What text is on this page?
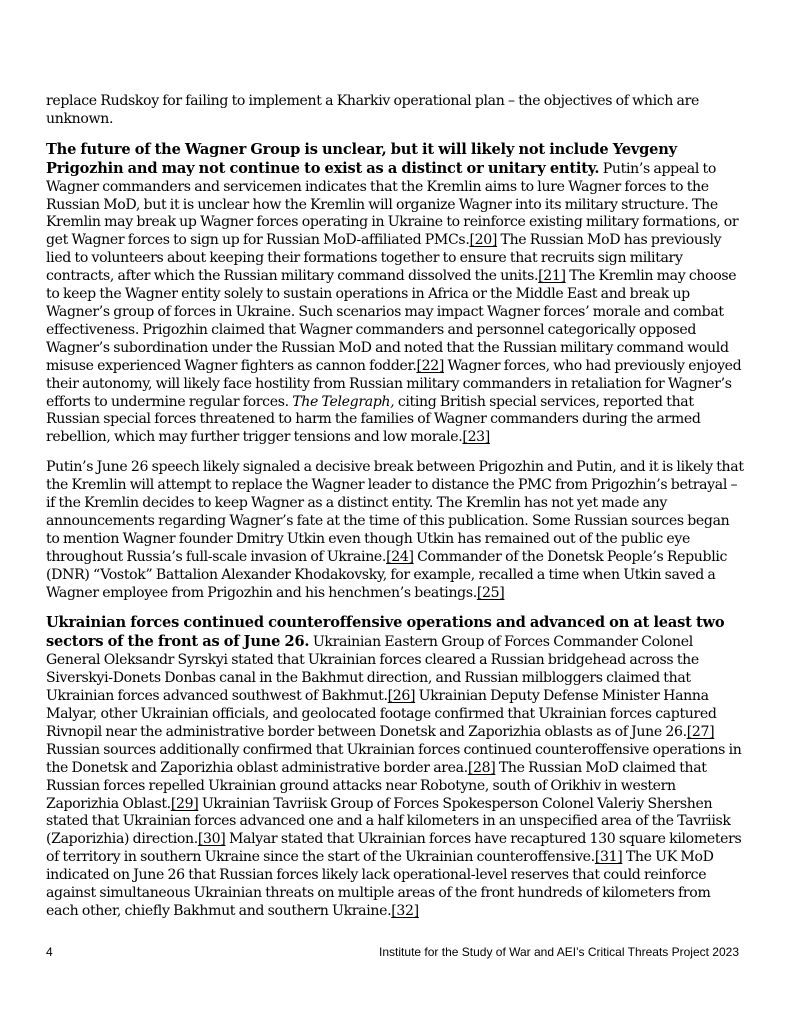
replace Rudskoy for failing to implement a Kharkiv operational plan – the objectives of which are unknown.

The future of the Wagner Group is unclear, but it will likely not include Yevgeny Prigozhin and may not continue to exist as a distinct or unitary entity. Putin’s appeal to Wagner commanders and servicemen indicates that the Kremlin aims to lure Wagner forces to the Russian MoD, but it is unclear how the Kremlin will organize Wagner into its military structure. The Kremlin may break up Wagner forces operating in Ukraine to reinforce existing military formations, or get Wagner forces to sign up for Russian MoD-affiliated PMCs.[20] The Russian MoD has previously lied to volunteers about keeping their formations together to ensure that recruits sign military contracts, after which the Russian military command dissolved the units.[21] The Kremlin may choose to keep the Wagner entity solely to sustain operations in Africa or the Middle East and break up Wagner’s group of forces in Ukraine. Such scenarios may impact Wagner forces’ morale and combat effectiveness. Prigozhin claimed that Wagner commanders and personnel categorically opposed Wagner’s subordination under the Russian MoD and noted that the Russian military command would misuse experienced Wagner fighters as cannon fodder.[22] Wagner forces, who had previously enjoyed their autonomy, will likely face hostility from Russian military commanders in retaliation for Wagner’s efforts to undermine regular forces. The Telegraph, citing British special services, reported that Russian special forces threatened to harm the families of Wagner commanders during the armed rebellion, which may further trigger tensions and low morale.[23]

Putin’s June 26 speech likely signaled a decisive break between Prigozhin and Putin, and it is likely that the Kremlin will attempt to replace the Wagner leader to distance the PMC from Prigozhin’s betrayal – if the Kremlin decides to keep Wagner as a distinct entity. The Kremlin has not yet made any announcements regarding Wagner’s fate at the time of this publication. Some Russian sources began to mention Wagner founder Dmitry Utkin even though Utkin has remained out of the public eye throughout Russia’s full-scale invasion of Ukraine.[24] Commander of the Donetsk People’s Republic (DNR) “Vostok” Battalion Alexander Khodakovsky, for example, recalled a time when Utkin saved a Wagner employee from Prigozhin and his henchmen’s beatings.[25]

Ukrainian forces continued counteroffensive operations and advanced on at least two sectors of the front as of June 26. Ukrainian Eastern Group of Forces Commander Colonel General Oleksandr Syrskyi stated that Ukrainian forces cleared a Russian bridgehead across the Siverskyi-Donets Donbas canal in the Bakhmut direction, and Russian milbloggers claimed that Ukrainian forces advanced southwest of Bakhmut.[26] Ukrainian Deputy Defense Minister Hanna Malyar, other Ukrainian officials, and geolocated footage confirmed that Ukrainian forces captured Rivnopil near the administrative border between Donetsk and Zaporizhia oblasts as of June 26.[27] Russian sources additionally confirmed that Ukrainian forces continued counteroffensive operations in the Donetsk and Zaporizhia oblast administrative border area.[28] The Russian MoD claimed that Russian forces repelled Ukrainian ground attacks near Robotyne, south of Orikhiv in western Zaporizhia Oblast.[29] Ukrainian Tavriisk Group of Forces Spokesperson Colonel Valeriy Shershen stated that Ukrainian forces advanced one and a half kilometers in an unspecified area of the Tavriisk (Zaporizhia) direction.[30] Malyar stated that Ukrainian forces have recaptured 130 square kilometers of territory in southern Ukraine since the start of the Ukrainian counteroffensive.[31] The UK MoD indicated on June 26 that Russian forces likely lack operational-level reserves that could reinforce against simultaneous Ukrainian threats on multiple areas of the front hundreds of kilometers from each other, chiefly Bakhmut and southern Ukraine.[32]

4	Institute for the Study of War and AEI’s Critical Threats Project 2023
